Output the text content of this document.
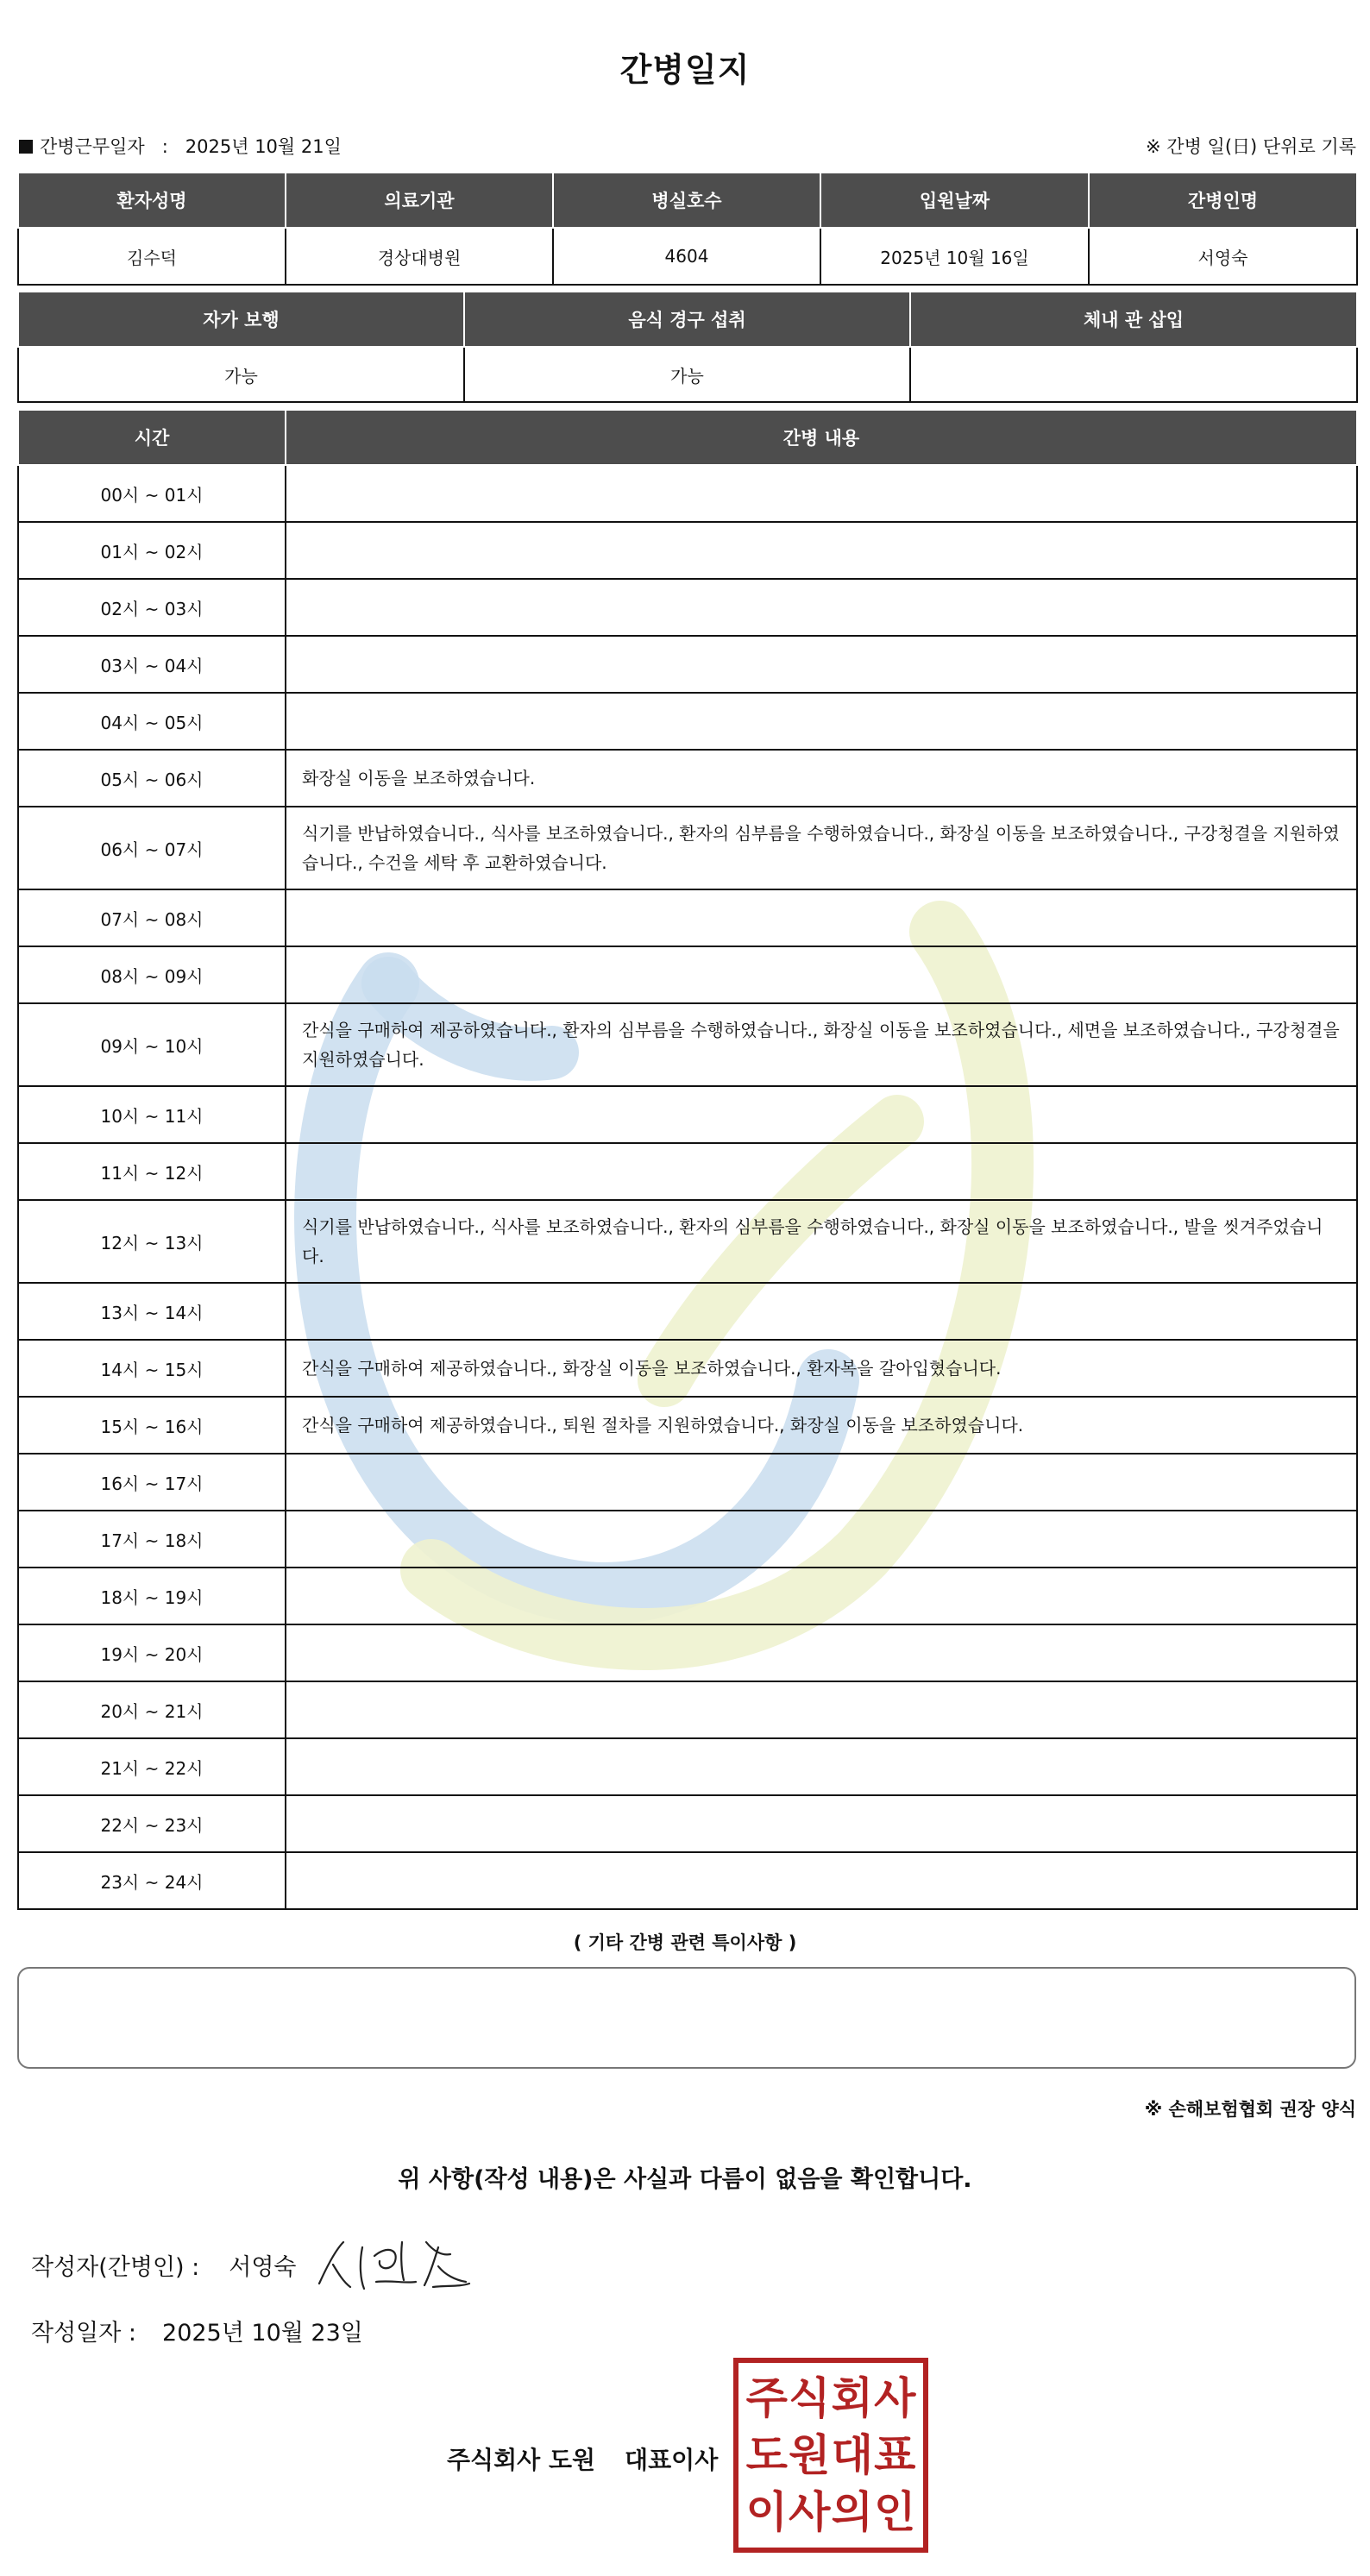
간병일지
간병근무일자 : 2025년 10월 21일	※ 간병 일(日) 단위로 기록
환자성명	의료기관	병실호수	입원날짜	간병인명
김수덕	경상대병원	4604	2025년 10월 16일	서영숙
자가 보행	음식 경구 섭취	체내 관 삽입
가능	가능	
시간	간병 내용
00시 ~ 01시	
01시 ~ 02시	
02시 ~ 03시	
03시 ~ 04시	
04시 ~ 05시	
05시 ~ 06시	화장실 이동을 보조하였습니다.
06시 ~ 07시	식기를 반납하였습니다., 식사를 보조하였습니다., 환자의 심부름을 수행하였습니다., 화장실 이동을 보조하였습니다., 구강청결을 지원하였습니다., 수건을 세탁 후 교환하였습니다.
07시 ~ 08시	
08시 ~ 09시	
09시 ~ 10시	간식을 구매하여 제공하였습니다., 환자의 심부름을 수행하였습니다., 화장실 이동을 보조하였습니다., 세면을 보조하였습니다., 구강청결을 지원하였습니다.
10시 ~ 11시	
11시 ~ 12시	
12시 ~ 13시	식기를 반납하였습니다., 식사를 보조하였습니다., 환자의 심부름을 수행하였습니다., 화장실 이동을 보조하였습니다., 발을 씻겨주었습니다.
13시 ~ 14시	
14시 ~ 15시	간식을 구매하여 제공하였습니다., 화장실 이동을 보조하였습니다., 환자복을 갈아입혔습니다.
15시 ~ 16시	간식을 구매하여 제공하였습니다., 퇴원 절차를 지원하였습니다., 화장실 이동을 보조하였습니다.
16시 ~ 17시	
17시 ~ 18시	
18시 ~ 19시	
19시 ~ 20시	
20시 ~ 21시	
21시 ~ 22시	
22시 ~ 23시	
23시 ~ 24시	
( 기타 간병 관련 특이사항 )
※ 손해보험협회 권장 양식
위 사항(작성 내용)은 사실과 다름이 없음을 확인합니다.
작성자(간병인) : 서영숙
작성일자 : 2025년 10월 23일
주식회사 도원 대표이사
주 식 회 사
도 원 대 표
이 사 의 인
